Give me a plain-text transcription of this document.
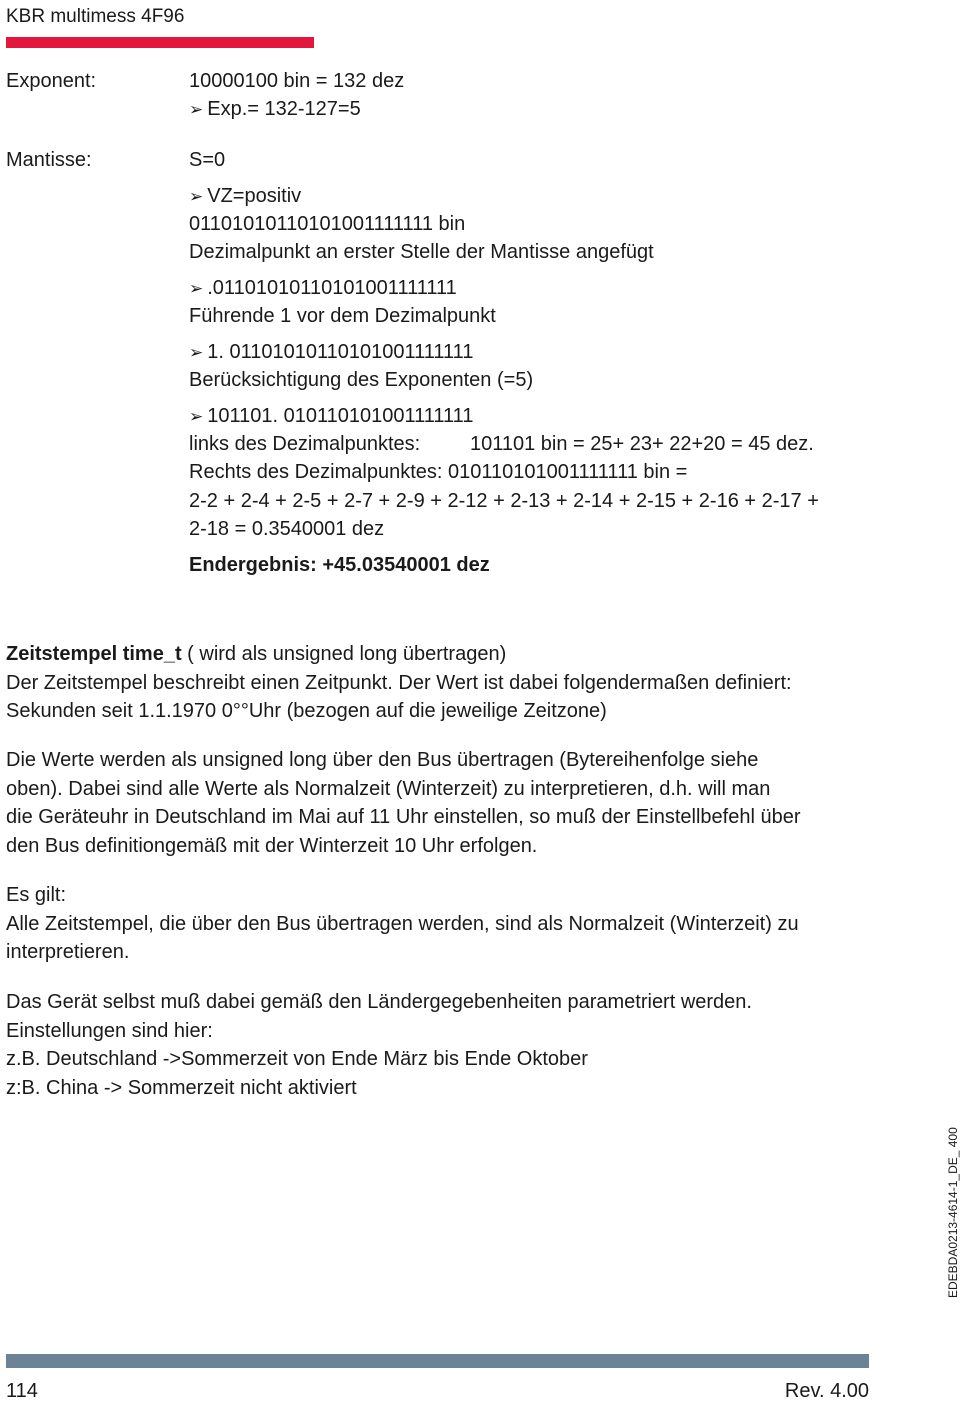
KBR multimess 4F96
Exponent:	10000100 bin = 132 dez
➢ Exp.= 132-127=5
Mantisse:	S=0
➢ VZ=positiv
01101010110101001111111 bin
Dezimalpunkt an erster Stelle der Mantisse angefügt
➢ .01101010110101001111111
Führende 1 vor dem Dezimalpunkt
➢ 1. 01101010110101001111111
Berücksichtigung des Exponenten (=5)
➢ 101101. 010110101001111111
links des Dezimalpunktes: 101101 bin = 25+ 23+ 22+20 = 45 dez.
Rechts des Dezimalpunktes: 010110101001111111 bin =
2-2 + 2-4 + 2-5 + 2-7 + 2-9 + 2-12 + 2-13 + 2-14 + 2-15 + 2-16 + 2-17 +
2-18 = 0.3540001 dez
Endergebnis: +45.03540001 dez
Zeitstempel time_t ( wird als unsigned long übertragen)
Der Zeitstempel beschreibt einen Zeitpunkt. Der Wert ist dabei folgendermaßen definiert:
Sekunden seit 1.1.1970 0°°Uhr (bezogen auf die jeweilige Zeitzone)
Die Werte werden als unsigned long über den Bus übertragen (Bytereihenfolge siehe
oben). Dabei sind alle Werte als Normalzeit (Winterzeit) zu interpretieren, d.h. will man
die Geräteuhr in Deutschland im Mai auf 11 Uhr einstellen, so muß der Einstellbefehl über
den Bus definitiongemäß mit der Winterzeit 10 Uhr erfolgen.
Es gilt:
Alle Zeitstempel, die über den Bus übertragen werden, sind als Normalzeit (Winterzeit) zu
interpretieren.
Das Gerät selbst muß dabei gemäß den Ländergegebenheiten parametriert werden.
Einstellungen sind hier:
z.B. Deutschland ->Sommerzeit von Ende März bis Ende Oktober
z:B. China -> Sommerzeit nicht aktiviert
EDEBDA0213-4614-1_DE_ 400
114	Rev. 4.00
